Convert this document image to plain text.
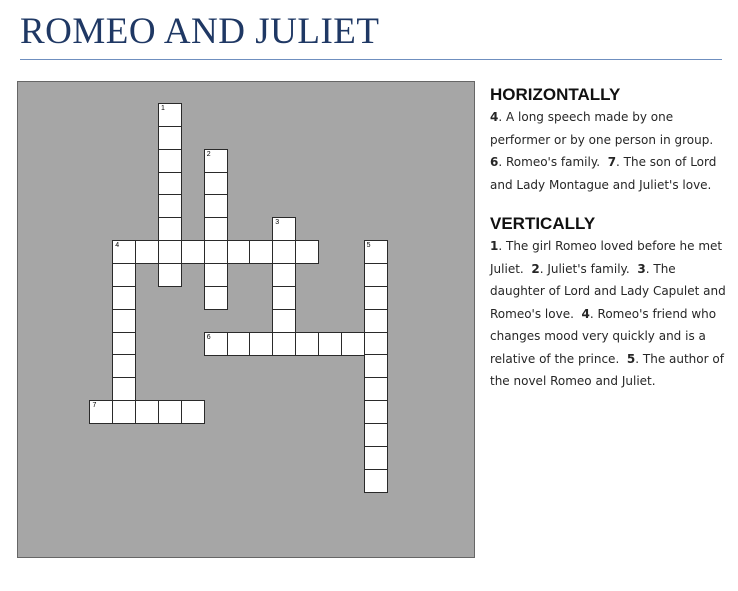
ROMEO AND JULIET
1
2
3
4	5
6
7
HORIZONTALLY

4. A long speech made by one performer or by one person in group.  6. Romeo's family.  7. The son of Lord and Lady Montague and Juliet's love.

VERTICALLY

1. The girl Romeo loved before he met Juliet.  2. Juliet's family.  3. The daughter of Lord and Lady Capulet and Romeo's love.  4. Romeo's friend who changes mood very quickly and is a relative of the prince.  5. The author of the novel Romeo and Juliet.
